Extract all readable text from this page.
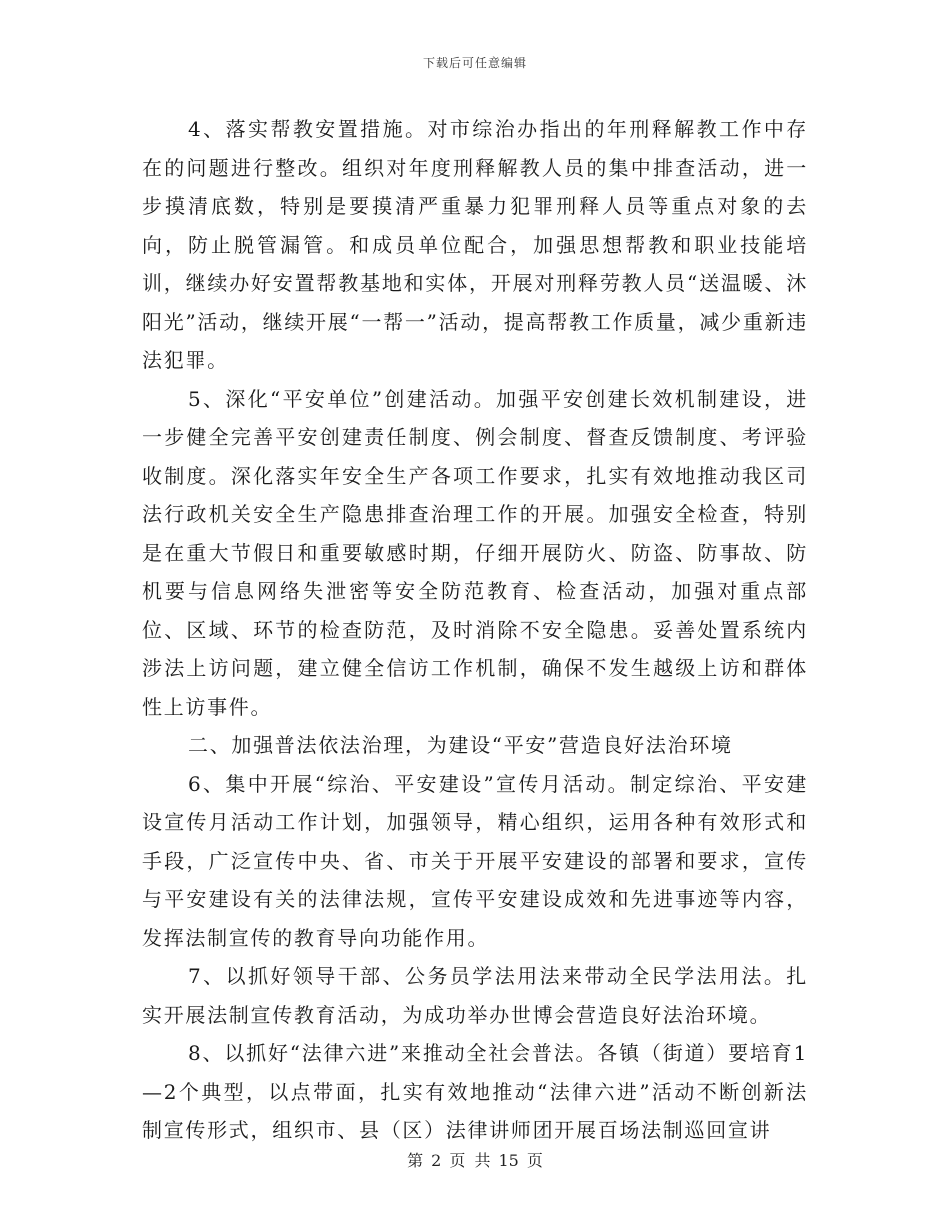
下载后可任意编辑

4、落实帮教安置措施。对市综治办指出的年刑释解教工作中存在的问题进行整改。组织对年度刑释解教人员的集中排查活动，进一步摸清底数，特别是要摸清严重暴力犯罪刑释人员等重点对象的去向，防止脱管漏管。和成员单位配合，加强思想帮教和职业技能培训，继续办好安置帮教基地和实体，开展对刑释劳教人员“送温暖、沐阳光”活动，继续开展“一帮一”活动，提高帮教工作质量，减少重新违法犯罪。

5、深化“平安单位”创建活动。加强平安创建长效机制建设，进一步健全完善平安创建责任制度、例会制度、督查反馈制度、考评验收制度。深化落实年安全生产各项工作要求，扎实有效地推动我区司法行政机关安全生产隐患排查治理工作的开展。加强安全检查，特别是在重大节假日和重要敏感时期，仔细开展防火、防盗、防事故、防机要与信息网络失泄密等安全防范教育、检查活动，加强对重点部位、区域、环节的检查防范，及时消除不安全隐患。妥善处置系统内涉法上访问题，建立健全信访工作机制，确保不发生越级上访和群体性上访事件。

二、加强普法依法治理，为建设“平安”营造良好法治环境

6、集中开展“综治、平安建设”宣传月活动。制定综治、平安建设宣传月活动工作计划，加强领导，精心组织，运用各种有效形式和手段，广泛宣传中央、省、市关于开展平安建设的部署和要求，宣传与平安建设有关的法律法规，宣传平安建设成效和先进事迹等内容，发挥法制宣传的教育导向功能作用。

7、以抓好领导干部、公务员学法用法来带动全民学法用法。扎实开展法制宣传教育活动，为成功举办世博会营造良好法治环境。

8、以抓好“法律六进”来推动全社会普法。各镇（街道）要培育1—2个典型，以点带面，扎实有效地推动“法律六进”活动不断创新法制宣传形式，组织市、县（区）法律讲师团开展百场法制巡回宣讲

第 2 页 共 15 页
